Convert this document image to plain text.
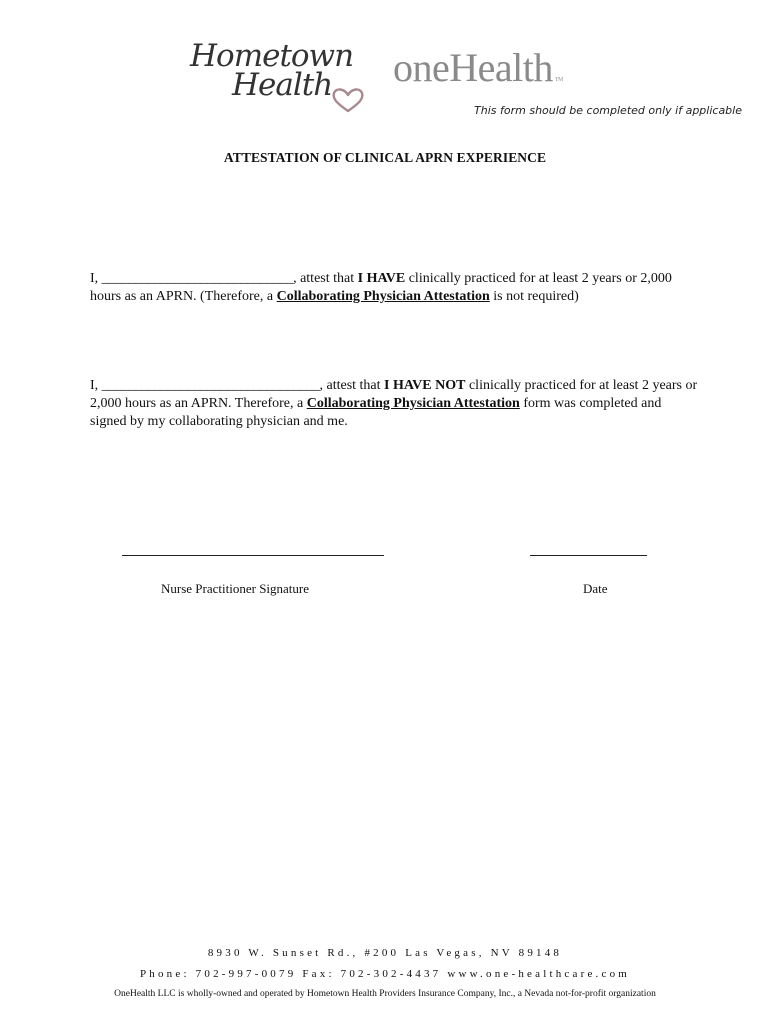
Hometown
Health oneHealth TM
This form should be completed only if applicable
ATTESTATION OF CLINICAL APRN EXPERIENCE
I, _____________________________, attest that I HAVE clinically practiced for at least 2 years or 2,000 hours as an APRN. (Therefore, a Collaborating Physician Attestation is not required)
I, _________________________________, attest that I HAVE NOT clinically practiced for at least 2 years or 2,000 hours as an APRN. Therefore, a Collaborating Physician Attestation form was completed and signed by my collaborating physician and me.
Nurse Practitioner Signature	Date
8930 W. Sunset Rd., #200 Las Vegas, NV 89148
Phone: 702-997-0079 Fax: 702-302-4437 www.one-healthcare.com
OneHealth LLC is wholly-owned and operated by Hometown Health Providers Insurance Company, Inc., a Nevada not-for-profit organization
